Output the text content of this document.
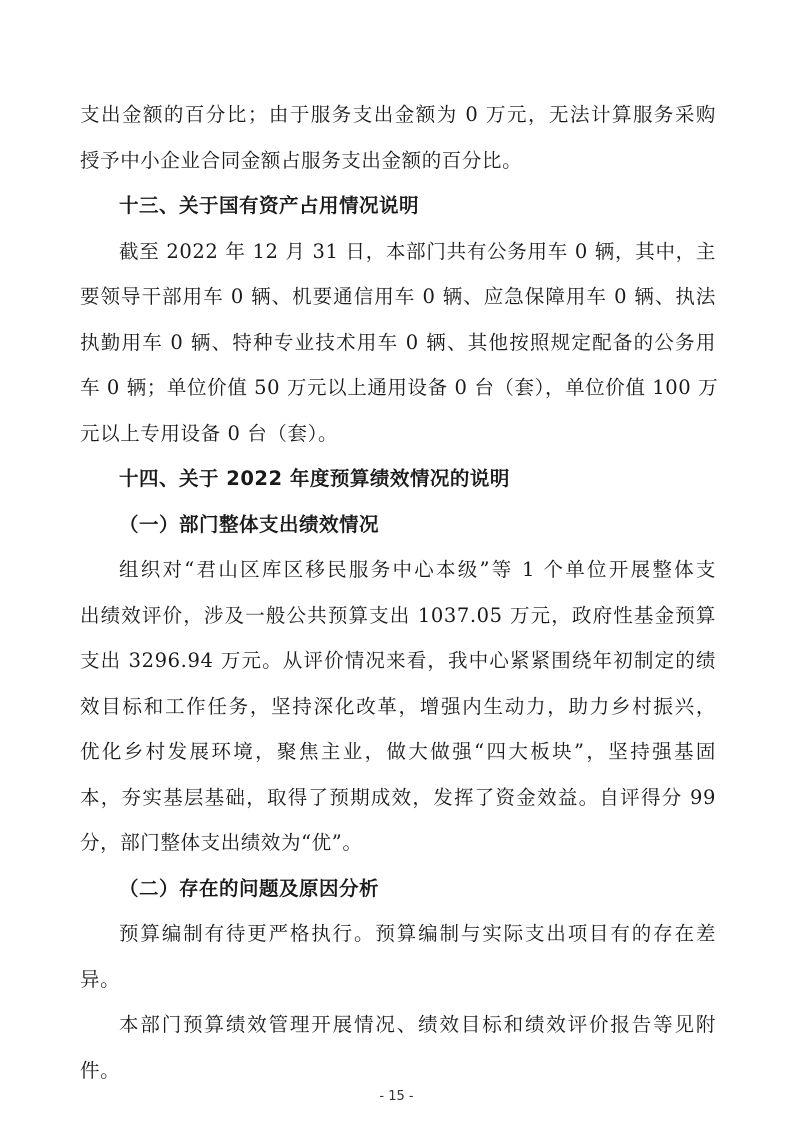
支出金额的百分比；由于服务支出金额为 0 万元，无法计算服务采购
授予中小企业合同金额占服务支出金额的百分比。
十三、关于国有资产占用情况说明
截至 2022 年 12 月 31 日，本部门共有公务用车 0 辆，其中，主
要领导干部用车 0 辆、机要通信用车 0 辆、应急保障用车 0 辆、执法
执勤用车 0 辆、特种专业技术用车 0 辆、其他按照规定配备的公务用
车 0 辆；单位价值 50 万元以上通用设备 0 台（套），单位价值 100 万
元以上专用设备 0 台（套）。
十四、关于 2022 年度预算绩效情况的说明
（一）部门整体支出绩效情况
组织对“君山区库区移民服务中心本级”等 1 个单位开展整体支
出绩效评价，涉及一般公共预算支出 1037.05 万元，政府性基金预算
支出 3296.94 万元。从评价情况来看，我中心紧紧围绕年初制定的绩
效目标和工作任务，坚持深化改革，增强内生动力，助力乡村振兴，
优化乡村发展环境，聚焦主业，做大做强“四大板块”，坚持强基固
本，夯实基层基础，取得了预期成效，发挥了资金效益。自评得分 99
分，部门整体支出绩效为“优”。
（二）存在的问题及原因分析
预算编制有待更严格执行。预算编制与实际支出项目有的存在差
异。
本部门预算绩效管理开展情况、绩效目标和绩效评价报告等见附
件。
- 15 -
